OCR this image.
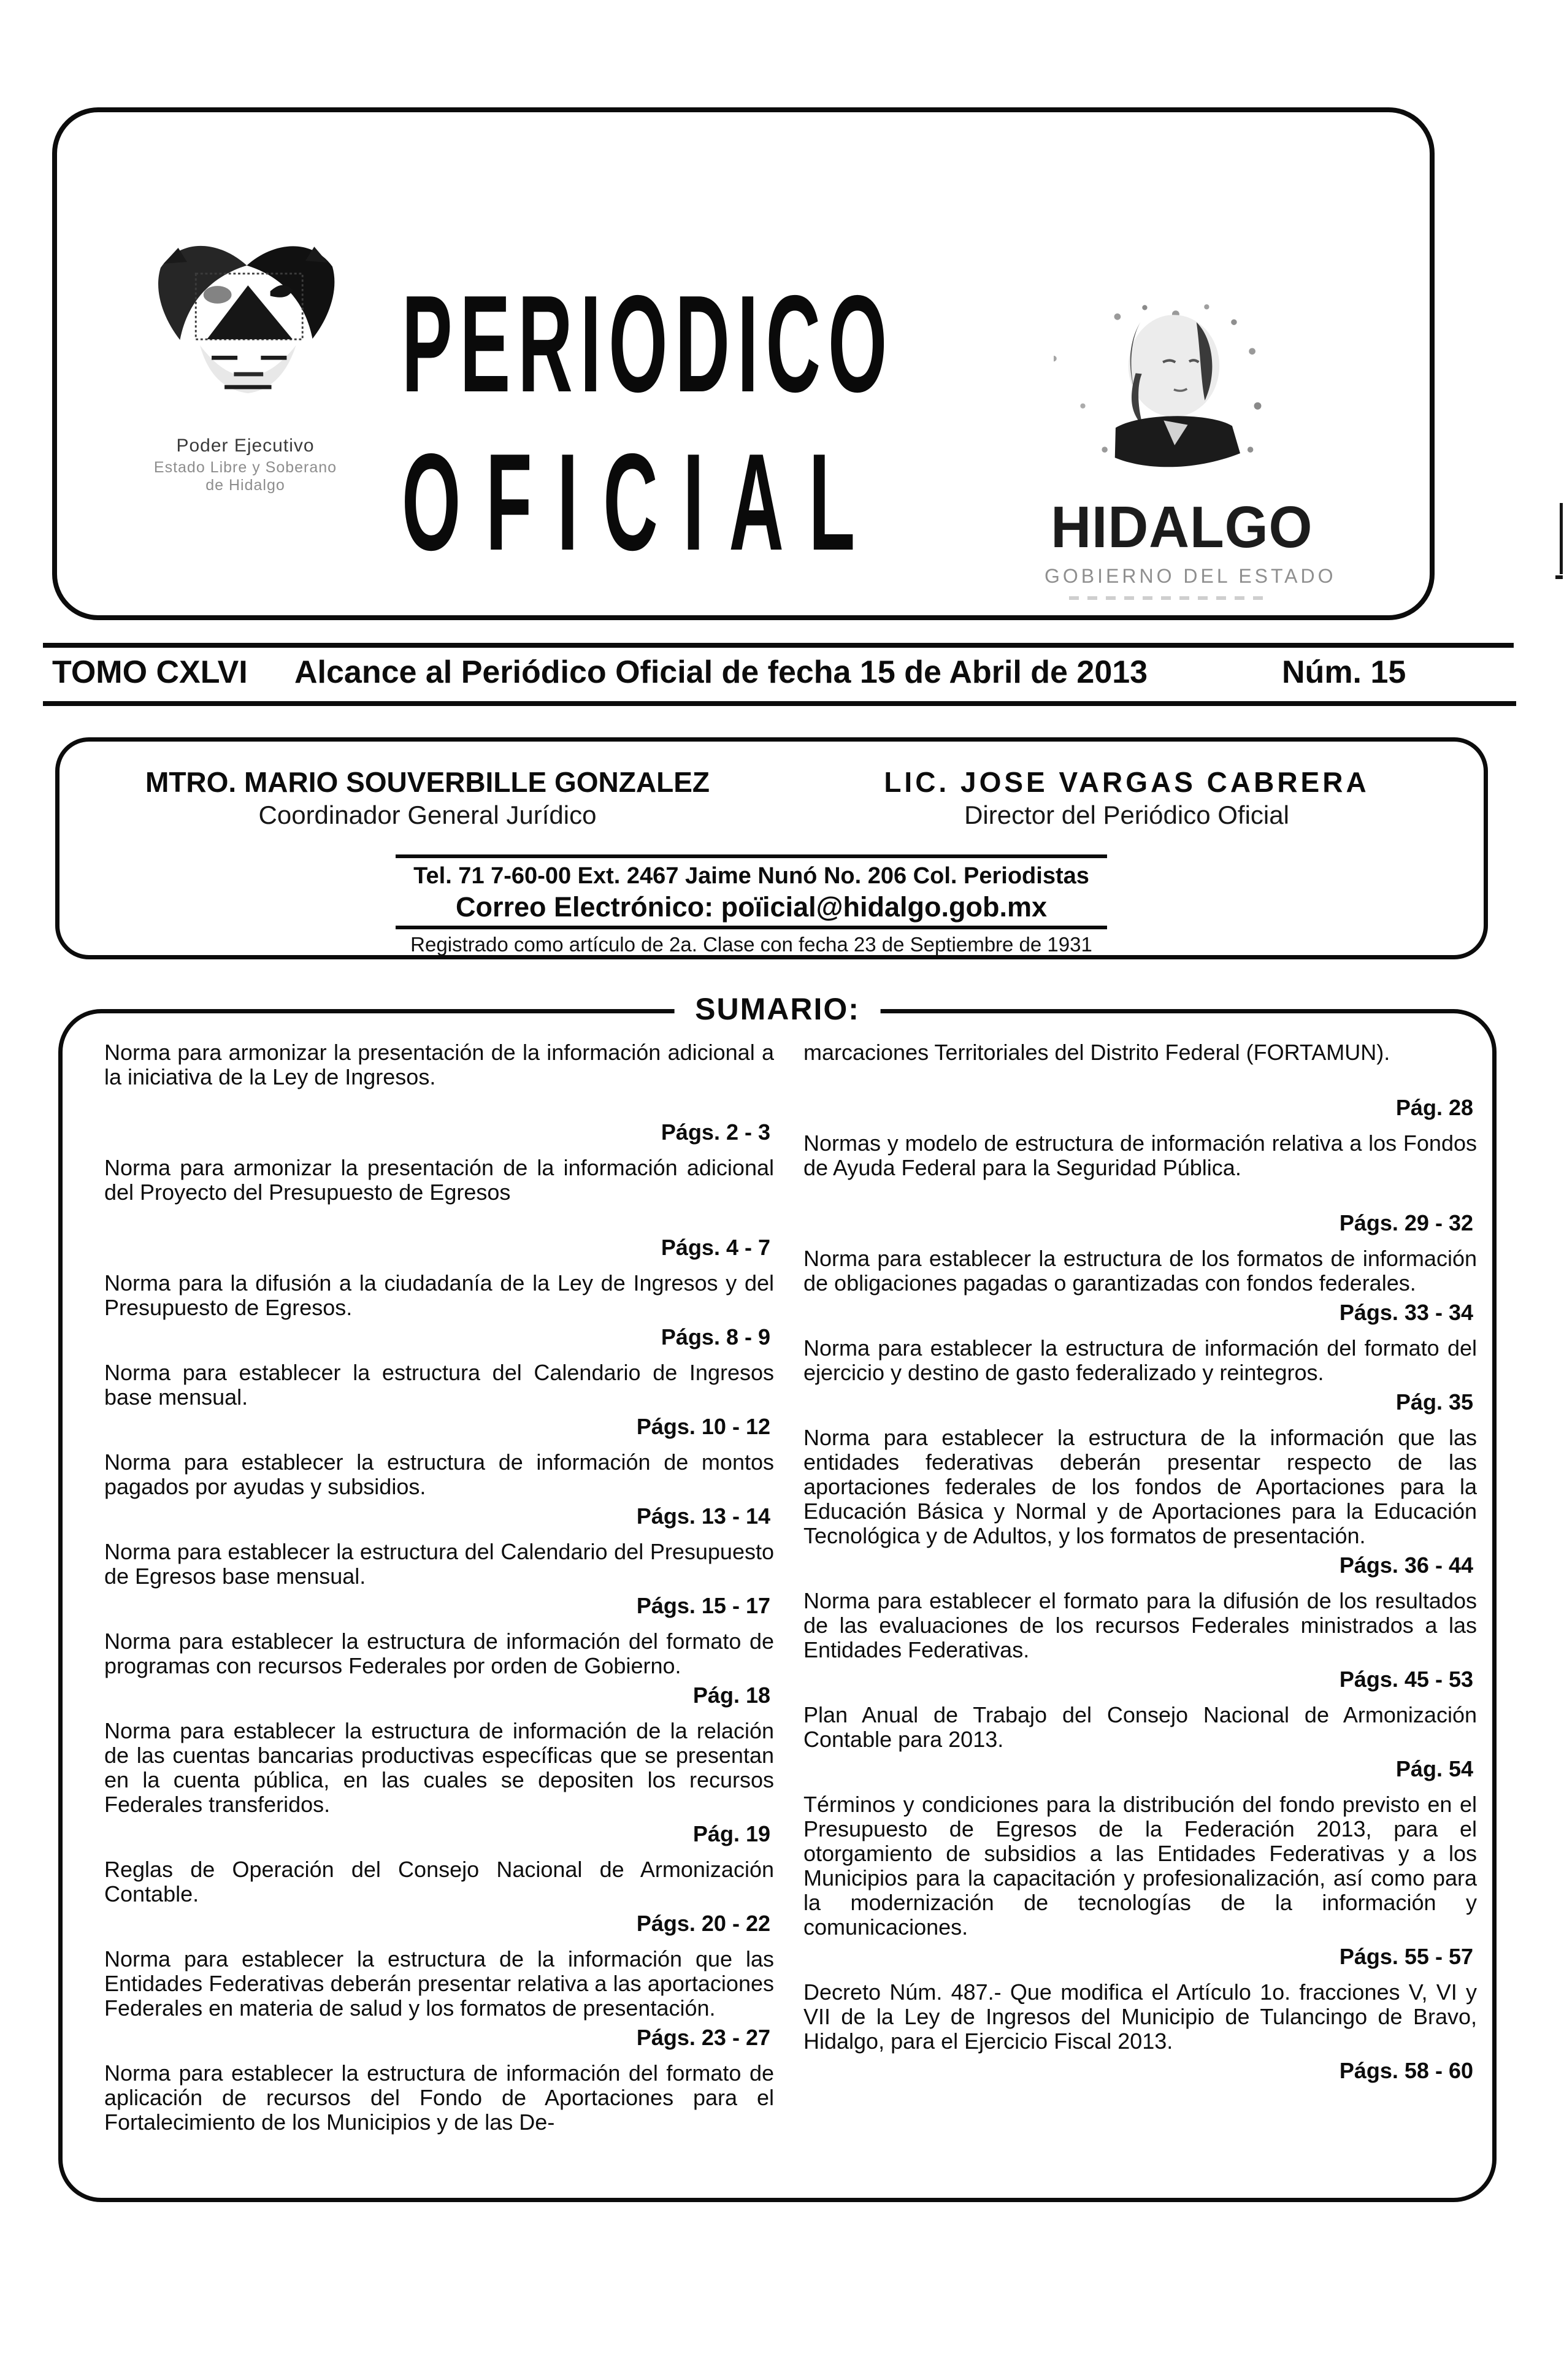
Poder Ejecutivo
Estado Libre y Soberano
de Hidalgo
PERIODICO
OFICIAL	HIDALGO
GOBIERNO DEL ESTADO
TOMO CXLVI Alcance al Periódico Oficial de fecha 15 de Abril de 2013	Núm. 15
MTRO. MARIO SOUVERBILLE GONZALEZ
Coordinador General Jurídico
LIC. JOSE VARGAS CABRERA
Director del Periódico Oficial
Tel. 71 7-60-00 Ext. 2467 Jaime Nunó No. 206 Col. Periodistas
Correo Electrónico: poïicial@hidalgo.gob.mx
Registrado como artículo de 2a. Clase con fecha 23 de Septiembre de 1931
SUMARIO:

Norma para armonizar la presentación de la información adicional a la iniciativa de la Ley de Ingresos.

Págs. 2 - 3

Norma para armonizar la presentación de la información adicional del Proyecto del Presupuesto de Egresos

Págs. 4 - 7

Norma para la difusión a la ciudadanía de la Ley de Ingresos y del Presupuesto de Egresos.

Págs. 8 - 9

Norma para establecer la estructura del Calendario de Ingresos base mensual.

Págs. 10 - 12

Norma para establecer la estructura de información de montos pagados por ayudas y subsidios.

Págs. 13 - 14

Norma para establecer la estructura del Calendario del Presupuesto de Egresos base mensual.

Págs. 15 - 17

Norma para establecer la estructura de información del formato de programas con recursos Federales por orden de Gobierno.

Pág. 18

Norma para establecer la estructura de información de la relación de las cuentas bancarias productivas específicas que se presentan en la cuenta pública, en las cuales se depositen los recursos Federales transferidos.

Pág. 19

Reglas de Operación del Consejo Nacional de Armonización Contable.

Págs. 20 - 22

Norma para establecer la estructura de la información que las Entidades Federativas deberán presentar relativa a las aportaciones Federales en materia de salud y los formatos de presentación.

Págs. 23 - 27

Norma para establecer la estructura de información del formato de aplicación de recursos del Fondo de Aportaciones para el Fortalecimiento de los Municipios y de las De-

marcaciones Territoriales del Distrito Federal (FORTAMUN).

Pág. 28

Normas y modelo de estructura de información relativa a los Fondos de Ayuda Federal para la Seguridad Pública.

Págs. 29 - 32

Norma para establecer la estructura de los formatos de información de obligaciones pagadas o garantizadas con fondos federales.

Págs. 33 - 34

Norma para establecer la estructura de información del formato del ejercicio y destino de gasto federalizado y reintegros.

Pág. 35

Norma para establecer la estructura de la información que las entidades federativas deberán presentar respecto de las aportaciones federales de los fondos de Aportaciones para la Educación Básica y Normal y de Aportaciones para la Educación Tecnológica y de Adultos, y los formatos de presentación.

Págs. 36 - 44

Norma para establecer el formato para la difusión de los resultados de las evaluaciones de los recursos Federales ministrados a las Entidades Federativas.

Págs. 45 - 53

Plan Anual de Trabajo del Consejo Nacional de Armonización Contable para 2013.

Pág. 54

Términos y condiciones para la distribución del fondo previsto en el Presupuesto de Egresos de la Federación 2013, para el otorgamiento de subsidios a las Entidades Federativas y a los Municipios para la capacitación y profesionalización, así como para la modernización de tecnologías de la información y comunicaciones.

Págs. 55 - 57

Decreto Núm. 487.- Que modifica el Artículo 1o. fracciones V, VI y VII de la Ley de Ingresos del Municipio de Tulancingo de Bravo, Hidalgo, para el Ejercicio Fiscal 2013.

Págs. 58 - 60
